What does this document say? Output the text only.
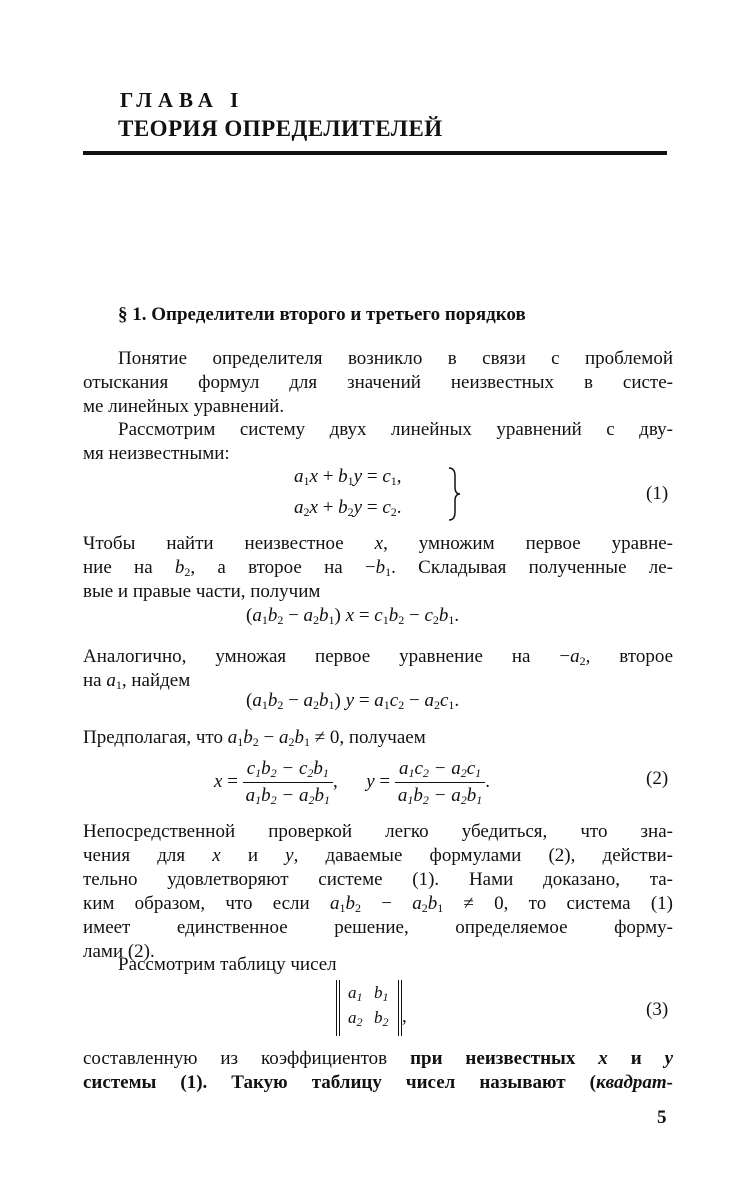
ГЛАВА I
ТЕОРИЯ ОПРЕДЕЛИТЕЛЕЙ
§ 1. Определители второго и третьего порядков
Понятие определителя возникло в связи с проблемой
отыскания формул для значений неизвестных в систе-
ме линейных уравнений.
Рассмотрим систему двух линейных уравнений с дву-
мя неизвестными:
$a_1x + b_1y = c_1$,
$a_2x + b_2y = c_2$.
(1)
Чтобы найти неизвестное x, умножим первое уравне-
ние на $b_2$, а второе на $-b_1$. Складывая полученные ле-
вые и правые части, получим
$(a_1b_2 - a_2b_1) x = c_1b_2 - c_2b_1$.
Аналогично, умножая первое уравнение на $-a_2$, второе
на $a_1$, найдем
$(a_1b_2 - a_2b_1) y = a_1c_2 - a_2c_1$.
Предполагая, что $a_1b_2 - a_2b_1 \ne 0$, получаем
$x = \frac{c_1b_2 - c_2b_1}{a_1b_2 - a_2b_1}$ ,      $y = \frac{a_1c_2 - a_2c_1}{a_1b_2 - a_2b_1}$ .	(2)
Непосредственной проверкой легко убедиться, что зна-
чения для x и y, даваемые формулами (2), действи-
тельно удовлетворяют системе (1). Нами доказано, та-
ким образом, что если $a_1b_2 - a_2b_1 \ne 0$, то система (1)
имеет единственное решение, определяемое форму-
лами (2).
Рассмотрим таблицу чисел
$a_1$ $b_1$
$a_2$ $b_2$ ,	(3)
составленную из коэффициентов при неизвестных x и y
системы (1). Такую таблицу чисел называют (квадрат-
5
